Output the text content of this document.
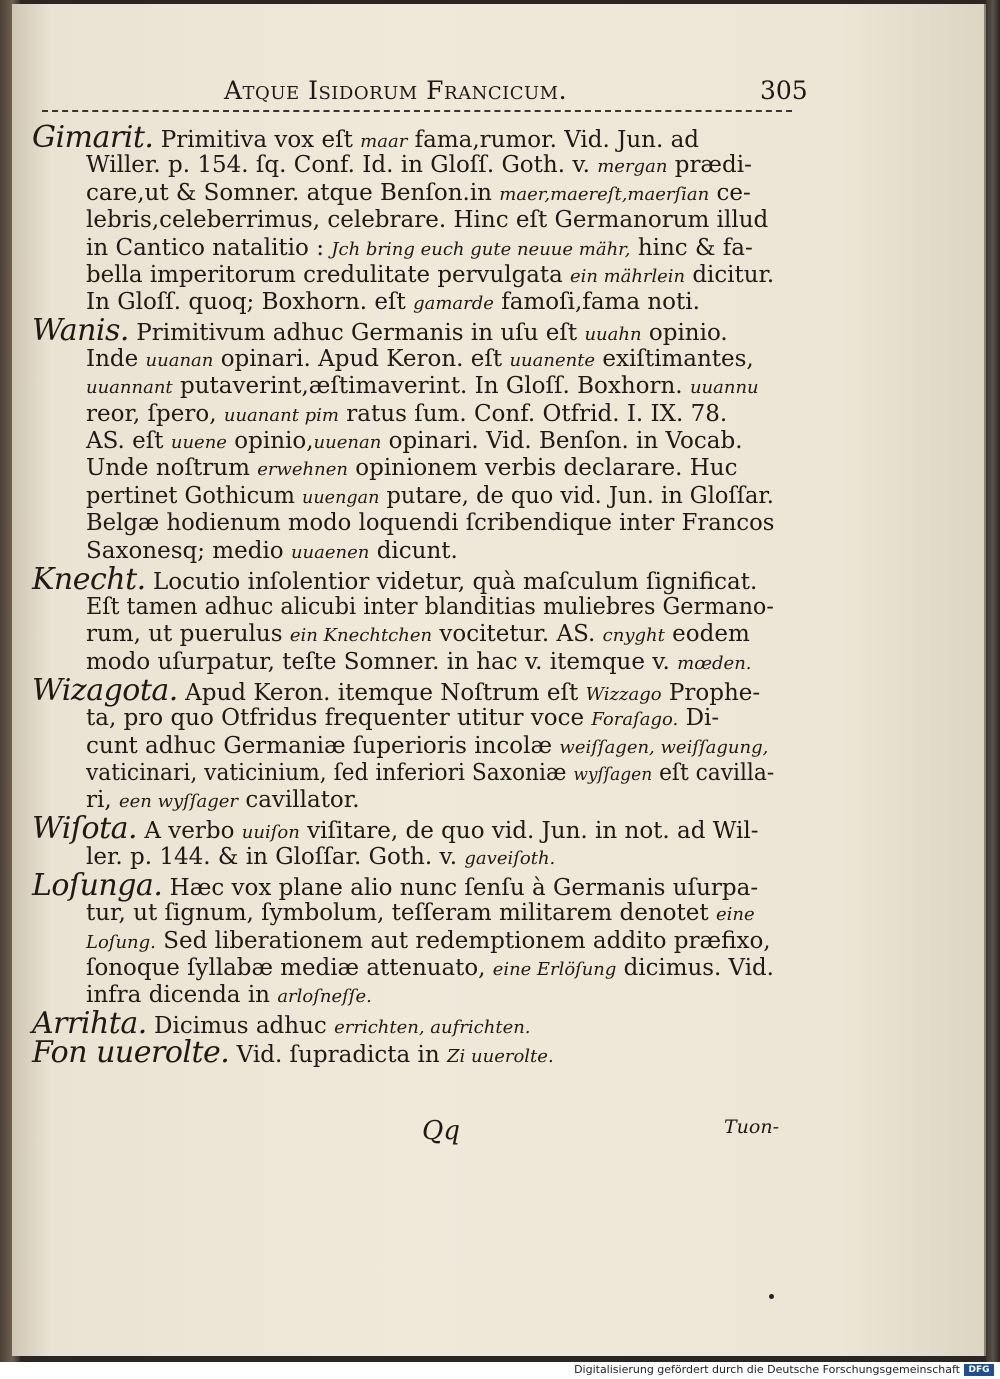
Atque Isidorum Francicum.	305
Gimarit. Primitiva vox eſt maar fama,rumor. Vid. Jun. ad
Willer. p. 154. ſq. Conf. Id. in Gloſſ. Goth. v. mergan prædi-
care,ut & Somner. atque Benſon.in maer,maereſt,maerſian ce-
lebris,celeberrimus, celebrare. Hinc eſt Germanorum illud
in Cantico natalitio : Jch bring euch gute neuue mähr, hinc & fa-
bella imperitorum credulitate pervulgata ein mährlein dicitur.
In Gloſſ. quoq; Boxhorn. eſt gamarde famoſi,fama noti.
Wanis. Primitivum adhuc Germanis in uſu eſt uuahn opinio.
Inde uuanan opinari. Apud Keron. eſt uuanente exiſtimantes,
uuannant putaverint,æſtimaverint. In Gloſſ. Boxhorn. uuannu
reor, ſpero, uuanant pim ratus ſum. Conf. Otfrid. I. IX. 78.
AS. eſt uuene opinio,uuenan opinari. Vid. Benſon. in Vocab.
Unde noſtrum erwehnen opinionem verbis declarare. Huc
pertinet Gothicum uuengan putare, de quo vid. Jun. in Gloſſar.
Belgæ hodienum modo loquendi ſcribendique inter Francos
Saxonesq; medio uuaenen dicunt.
Knecht. Locutio inſolentior videtur, quà maſculum ſignificat.
Eſt tamen adhuc alicubi inter blanditias muliebres Germano-
rum, ut puerulus ein Knechtchen vocitetur. AS. cnyght eodem
modo uſurpatur, teſte Somner. in hac v. itemque v. mœden.
Wizagota. Apud Keron. itemque Noſtrum eſt Wizzago Prophe-
ta, pro quo Otfridus frequenter utitur voce Foraſago. Di-
cunt adhuc Germaniæ ſuperioris incolæ weiſſagen, weiſſagung,
vaticinari, vaticinium, ſed inferiori Saxoniæ wyſſagen eſt cavilla-
ri, een wyſſager cavillator.
Wiſota. A verbo uuiſon viſitare, de quo vid. Jun. in not. ad Wil-
ler. p. 144. & in Gloſſar. Goth. v. gaveiſoth.
Loſunga. Hæc vox plane alio nunc ſenſu à Germanis uſurpa-
tur, ut ſignum, ſymbolum, teſſeram militarem denotet eine
Loſung. Sed liberationem aut redemptionem addito præfixo,
ſonoque ſyllabæ mediæ attenuato, eine Erlöſung dicimus. Vid.
infra dicenda in arloſneſſe.
Arrihta. Dicimus adhuc errichten, aufrichten.
Fon uuerolte. Vid. ſupradicta in Zi uuerolte.
Qq	Tuon-
Digitalisierung gefördert durch die Deutsche Forschungsgemeinschaft DFG
